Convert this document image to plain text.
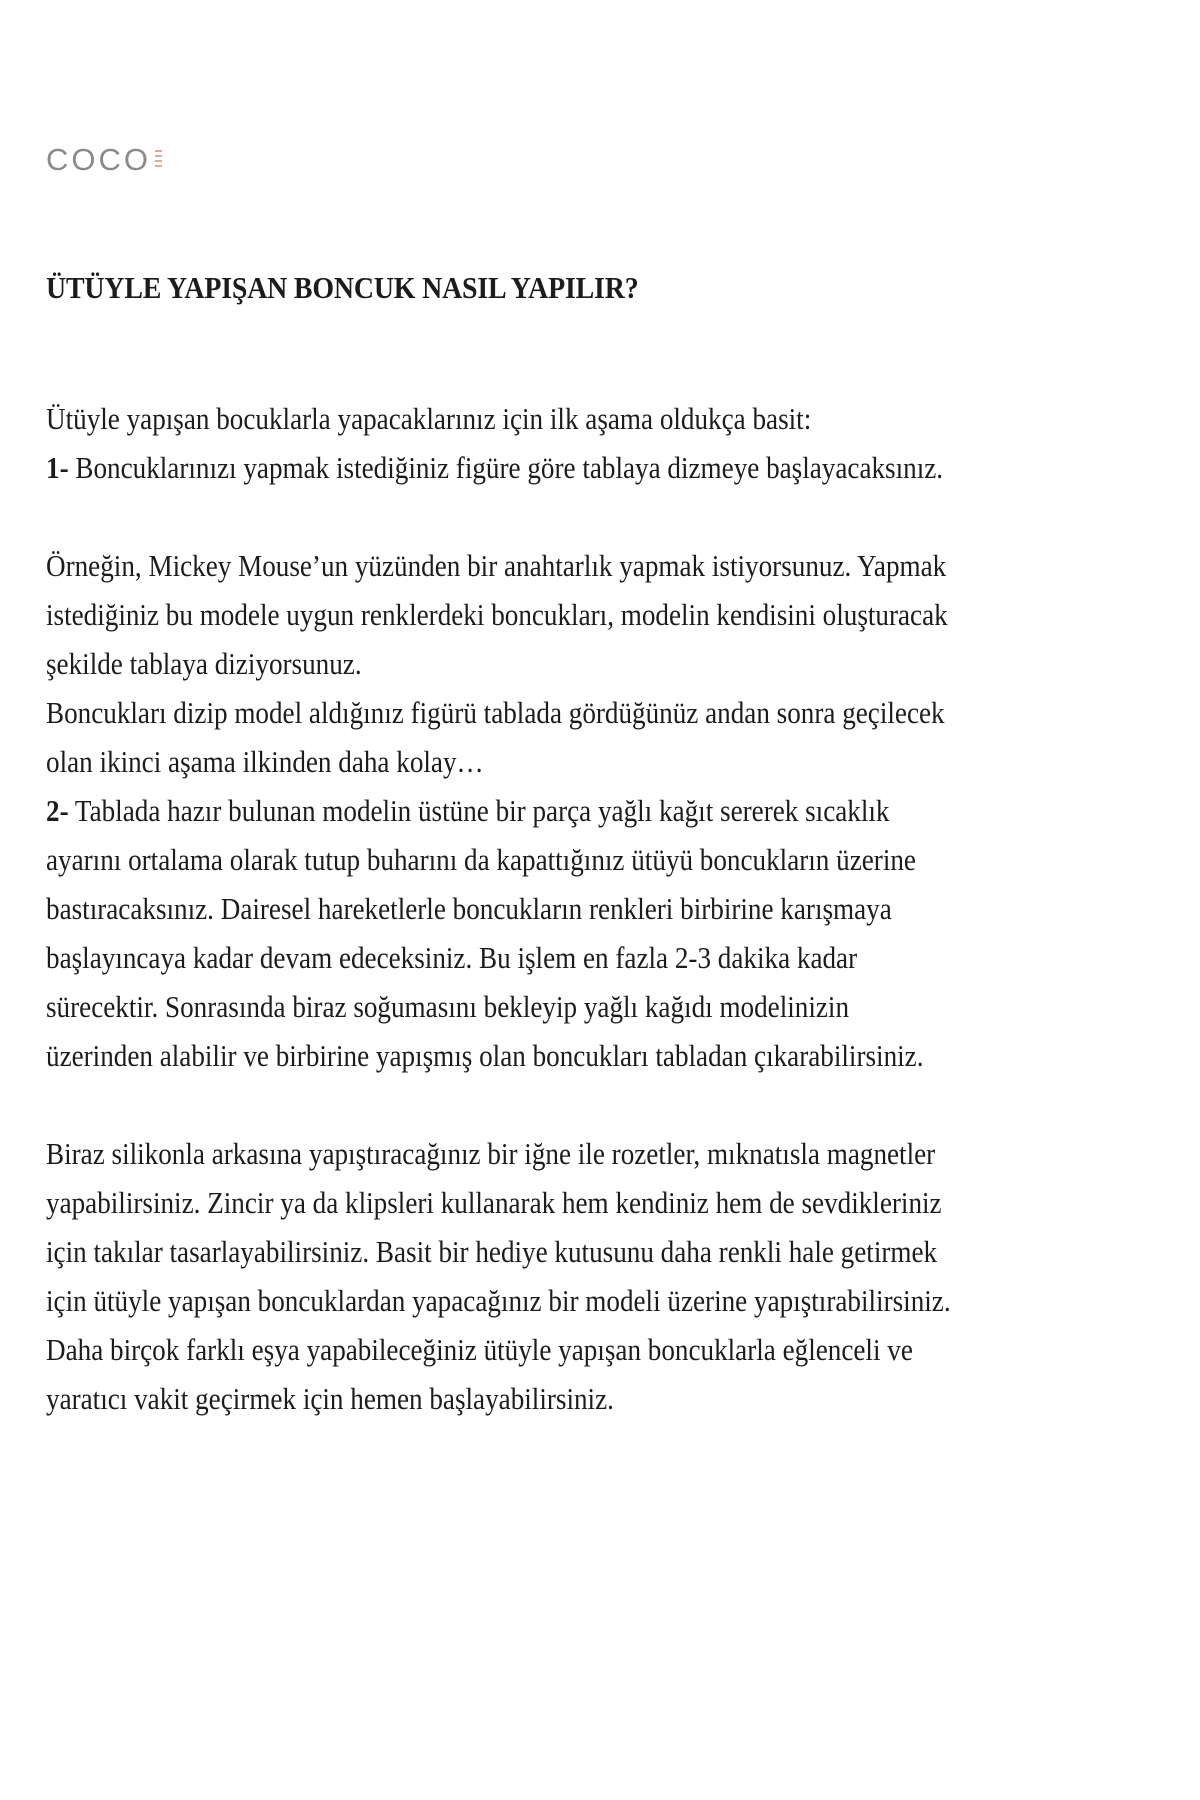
COCO
ÜTÜYLE YAPIŞAN BONCUK NASIL YAPILIR?
Ütüyle yapışan bocuklarla yapacaklarınız için ilk aşama oldukça basit:
1- Boncuklarınızı yapmak istediğiniz figüre göre tablaya dizmeye başlayacaksınız.
Örneğin, Mickey Mouse’un yüzünden bir anahtarlık yapmak istiyorsunuz. Yapmak
istediğiniz bu modele uygun renklerdeki boncukları, modelin kendisini oluşturacak
şekilde tablaya diziyorsunuz.
Boncukları dizip model aldığınız figürü tablada gördüğünüz andan sonra geçilecek
olan ikinci aşama ilkinden daha kolay…
2- Tablada hazır bulunan modelin üstüne bir parça yağlı kağıt sererek sıcaklık
ayarını ortalama olarak tutup buharını da kapattığınız ütüyü boncukların üzerine
bastıracaksınız. Dairesel hareketlerle boncukların renkleri birbirine karışmaya
başlayıncaya kadar devam edeceksiniz. Bu işlem en fazla 2-3 dakika kadar
sürecektir. Sonrasında biraz soğumasını bekleyip yağlı kağıdı modelinizin
üzerinden alabilir ve birbirine yapışmış olan boncukları tabladan çıkarabilirsiniz.
Biraz silikonla arkasına yapıştıracağınız bir iğne ile rozetler, mıknatısla magnetler
yapabilirsiniz. Zincir ya da klipsleri kullanarak hem kendiniz hem de sevdikleriniz
için takılar tasarlayabilirsiniz. Basit bir hediye kutusunu daha renkli hale getirmek
için ütüyle yapışan boncuklardan yapacağınız bir modeli üzerine yapıştırabilirsiniz.
Daha birçok farklı eşya yapabileceğiniz ütüyle yapışan boncuklarla eğlenceli ve
yaratıcı vakit geçirmek için hemen başlayabilirsiniz.
